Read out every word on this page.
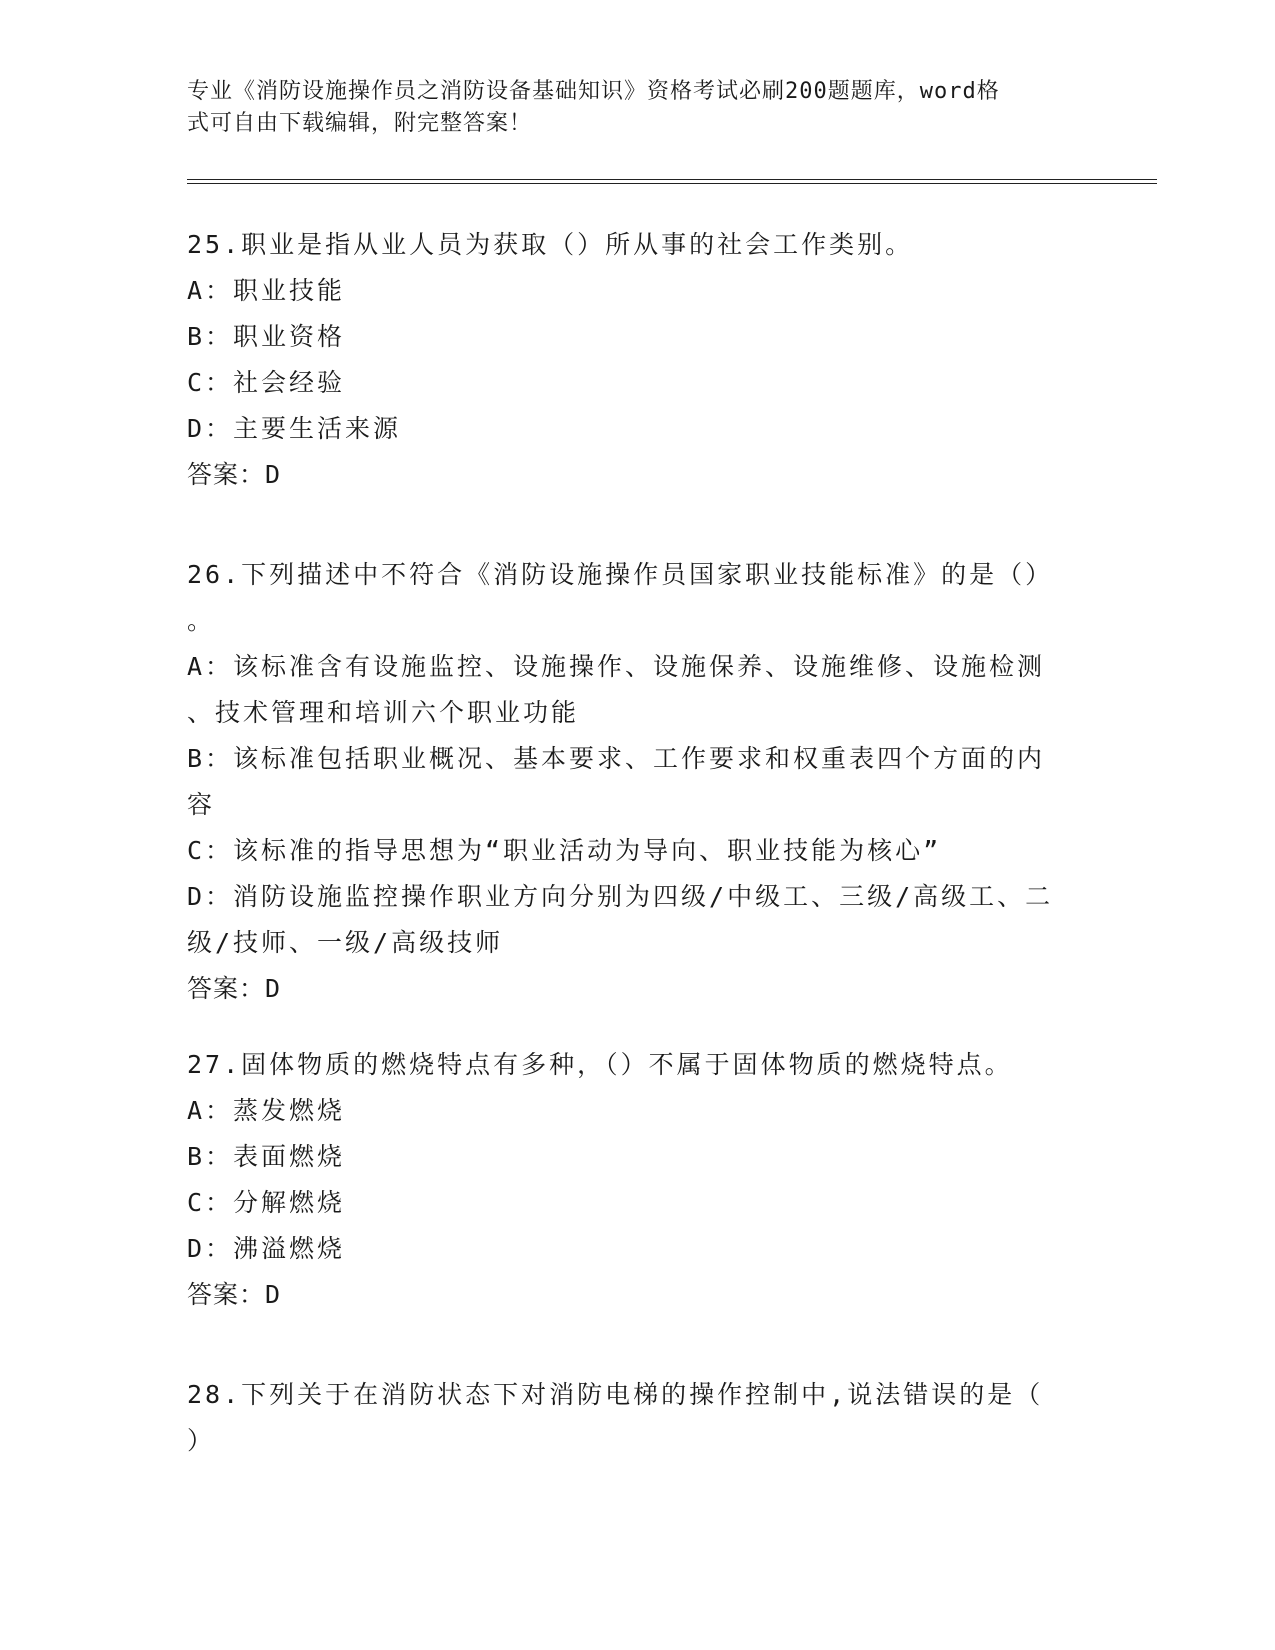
专业《消防设施操作员之消防设备基础知识》资格考试必刷200题题库，word格
式可自由下载编辑，附完整答案！
25.职业是指从业人员为获取（）所从事的社会工作类别。
A：职业技能
B：职业资格
C：社会经验
D：主要生活来源
答案：D
26.下列描述中不符合《消防设施操作员国家职业技能标准》的是（）
。
A：该标准含有设施监控、设施操作、设施保养、设施维修、设施检测
、技术管理和培训六个职业功能
B：该标准包括职业概况、基本要求、工作要求和权重表四个方面的内
容
C：该标准的指导思想为“职业活动为导向、职业技能为核心”
D：消防设施监控操作职业方向分别为四级/中级工、三级/高级工、二
级/技师、一级/高级技师
答案：D
27.固体物质的燃烧特点有多种，（）不属于固体物质的燃烧特点。
A：蒸发燃烧
B：表面燃烧
C：分解燃烧
D：沸溢燃烧
答案：D
28.下列关于在消防状态下对消防电梯的操作控制中,说法错误的是（
）
